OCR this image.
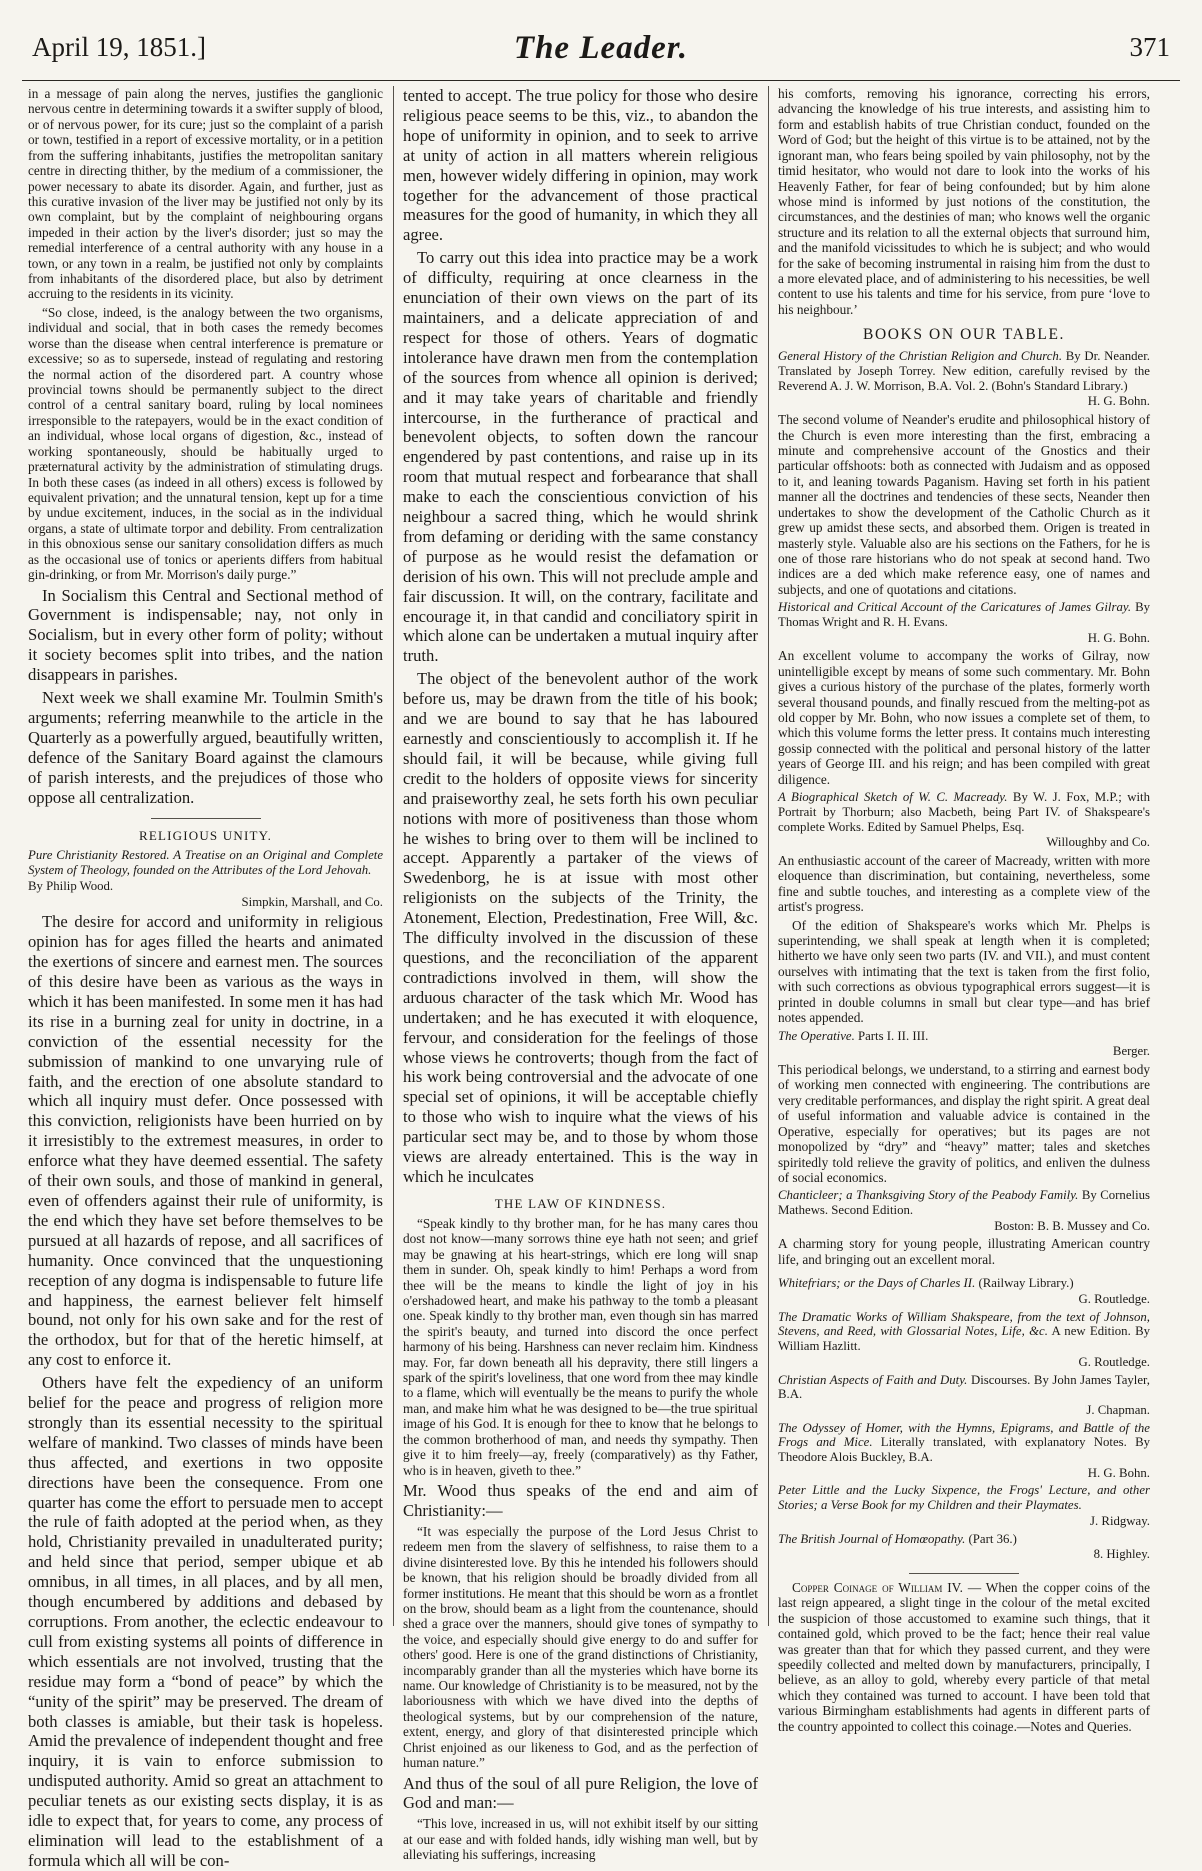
April 19, 1851.]	The Leader.	371

in a message of pain along the nerves, justifies the ganglionic nervous centre in determining towards it a swifter supply of blood, or of nervous power, for its cure; just so the complaint of a parish or town, testified in a report of excessive mortality, or in a petition from the suffering inhabitants, justifies the metropolitan sanitary centre in directing thither, by the medium of a commissioner, the power necessary to abate its disorder. Again, and further, just as this curative invasion of the liver may be justified not only by its own complaint, but by the complaint of neighbouring organs impeded in their action by the liver's disorder; just so may the remedial interference of a central authority with any house in a town, or any town in a realm, be justified not only by complaints from inhabitants of the disordered place, but also by detriment accruing to the residents in its vicinity.

“So close, indeed, is the analogy between the two organisms, individual and social, that in both cases the remedy becomes worse than the disease when central interference is premature or excessive; so as to supersede, instead of regulating and restoring the normal action of the disordered part. A country whose provincial towns should be permanently subject to the direct control of a central sanitary board, ruling by local nominees irresponsible to the ratepayers, would be in the exact condition of an individual, whose local organs of digestion, &c., instead of working spontaneously, should be habitually urged to præternatural activity by the administration of stimulating drugs. In both these cases (as indeed in all others) excess is followed by equivalent privation; and the unnatural tension, kept up for a time by undue excitement, induces, in the social as in the individual organs, a state of ultimate torpor and debility. From centralization in this obnoxious sense our sanitary consolidation differs as much as the occasional use of tonics or aperients differs from habitual gin-drinking, or from Mr. Morrison's daily purge.”

In Socialism this Central and Sectional method of Government is indispensable; nay, not only in Socialism, but in every other form of polity; without it society becomes split into tribes, and the nation disappears in parishes.

Next week we shall examine Mr. Toulmin Smith's arguments; referring meanwhile to the article in the Quarterly as a powerfully argued, beautifully written, defence of the Sanitary Board against the clamours of parish interests, and the prejudices of those who oppose all centralization.

RELIGIOUS UNITY.

Pure Christianity Restored. A Treatise on an Original and Complete System of Theology, founded on the Attributes of the Lord Jehovah.

By Philip Wood.

Simpkin, Marshall, and Co.

The desire for accord and uniformity in religious opinion has for ages filled the hearts and animated the exertions of sincere and earnest men. The sources of this desire have been as various as the ways in which it has been manifested. In some men it has had its rise in a burning zeal for unity in doctrine, in a conviction of the essential necessity for the submission of mankind to one unvarying rule of faith, and the erection of one absolute standard to which all inquiry must defer. Once possessed with this conviction, religionists have been hurried on by it irresistibly to the extremest measures, in order to enforce what they have deemed essential. The safety of their own souls, and those of mankind in general, even of offenders against their rule of uniformity, is the end which they have set before themselves to be pursued at all hazards of repose, and all sacrifices of humanity. Once convinced that the unquestioning reception of any dogma is indispensable to future life and happiness, the earnest believer felt himself bound, not only for his own sake and for the rest of the orthodox, but for that of the heretic himself, at any cost to enforce it.

Others have felt the expediency of an uniform belief for the peace and progress of religion more strongly than its essential necessity to the spiritual welfare of mankind. Two classes of minds have been thus affected, and exertions in two opposite directions have been the consequence. From one quarter has come the effort to persuade men to accept the rule of faith adopted at the period when, as they hold, Christianity prevailed in unadulterated purity; and held since that period, semper ubique et ab omnibus, in all times, in all places, and by all men, though encumbered by additions and debased by corruptions. From another, the eclectic endeavour to cull from existing systems all points of difference in which essentials are not involved, trusting that the residue may form a “bond of peace” by which the “unity of the spirit” may be preserved. The dream of both classes is amiable, but their task is hopeless. Amid the prevalence of independent thought and free inquiry, it is vain to enforce submission to undisputed authority. Amid so great an attachment to peculiar tenets as our existing sects display, it is as idle to expect that, for years to come, any process of elimination will lead to the establishment of a formula which all will be con-

tented to accept. The true policy for those who desire religious peace seems to be this, viz., to abandon the hope of uniformity in opinion, and to seek to arrive at unity of action in all matters wherein religious men, however widely differing in opinion, may work together for the advancement of those practical measures for the good of humanity, in which they all agree.

To carry out this idea into practice may be a work of difficulty, requiring at once clearness in the enunciation of their own views on the part of its maintainers, and a delicate appreciation of and respect for those of others. Years of dogmatic intolerance have drawn men from the contemplation of the sources from whence all opinion is derived; and it may take years of charitable and friendly intercourse, in the furtherance of practical and benevolent objects, to soften down the rancour engendered by past contentions, and raise up in its room that mutual respect and forbearance that shall make to each the conscientious conviction of his neighbour a sacred thing, which he would shrink from defaming or deriding with the same constancy of purpose as he would resist the defamation or derision of his own. This will not preclude ample and fair discussion. It will, on the contrary, facilitate and encourage it, in that candid and conciliatory spirit in which alone can be undertaken a mutual inquiry after truth.

The object of the benevolent author of the work before us, may be drawn from the title of his book; and we are bound to say that he has laboured earnestly and conscientiously to accomplish it. If he should fail, it will be because, while giving full credit to the holders of opposite views for sincerity and praiseworthy zeal, he sets forth his own peculiar notions with more of positiveness than those whom he wishes to bring over to them will be inclined to accept. Apparently a partaker of the views of Swedenborg, he is at issue with most other religionists on the subjects of the Trinity, the Atonement, Election, Predestination, Free Will, &c. The difficulty involved in the discussion of these questions, and the reconciliation of the apparent contradictions involved in them, will show the arduous character of the task which Mr. Wood has undertaken; and he has executed it with eloquence, fervour, and consideration for the feelings of those whose views he controverts; though from the fact of his work being controversial and the advocate of one special set of opinions, it will be acceptable chiefly to those who wish to inquire what the views of his particular sect may be, and to those by whom those views are already entertained. This is the way in which he inculcates

THE LAW OF KINDNESS.

“Speak kindly to thy brother man, for he has many cares thou dost not know—many sorrows thine eye hath not seen; and grief may be gnawing at his heart-strings, which ere long will snap them in sunder. Oh, speak kindly to him! Perhaps a word from thee will be the means to kindle the light of joy in his o'ershadowed heart, and make his pathway to the tomb a pleasant one. Speak kindly to thy brother man, even though sin has marred the spirit's beauty, and turned into discord the once perfect harmony of his being. Harshness can never reclaim him. Kindness may. For, far down beneath all his depravity, there still lingers a spark of the spirit's loveliness, that one word from thee may kindle to a flame, which will eventually be the means to purify the whole man, and make him what he was designed to be—the true spiritual image of his God. It is enough for thee to know that he belongs to the common brotherhood of man, and needs thy sympathy. Then give it to him freely—ay, freely (comparatively) as thy Father, who is in heaven, giveth to thee.”

Mr. Wood thus speaks of the end and aim of Christianity:—

“It was especially the purpose of the Lord Jesus Christ to redeem men from the slavery of selfishness, to raise them to a divine disinterested love. By this he intended his followers should be known, that his religion should be broadly divided from all former institutions. He meant that this should be worn as a frontlet on the brow, should beam as a light from the countenance, should shed a grace over the manners, should give tones of sympathy to the voice, and especially should give energy to do and suffer for others' good. Here is one of the grand distinctions of Christianity, incomparably grander than all the mysteries which have borne its name. Our knowledge of Christianity is to be measured, not by the laboriousness with which we have dived into the depths of theological systems, but by our comprehension of the nature, extent, energy, and glory of that disinterested principle which Christ enjoined as our likeness to God, and as the perfection of human nature.”

And thus of the soul of all pure Religion, the love of God and man:—

“This love, increased in us, will not exhibit itself by our sitting at our ease and with folded hands, idly wishing man well, but by alleviating his sufferings, increasing

his comforts, removing his ignorance, correcting his errors, advancing the knowledge of his true interests, and assisting him to form and establish habits of true Christian conduct, founded on the Word of God; but the height of this virtue is to be attained, not by the ignorant man, who fears being spoiled by vain philosophy, not by the timid hesitator, who would not dare to look into the works of his Heavenly Father, for fear of being confounded; but by him alone whose mind is informed by just notions of the constitution, the circumstances, and the destinies of man; who knows well the organic structure and its relation to all the external objects that surround him, and the manifold vicissitudes to which he is subject; and who would for the sake of becoming instrumental in raising him from the dust to a more elevated place, and of administering to his necessities, be well content to use his talents and time for his service, from pure ‘love to his neighbour.’

BOOKS ON OUR TABLE.

General History of the Christian Religion and Church. By Dr. Neander. Translated by Joseph Torrey. New edition, carefully revised by the Reverend A. J. W. Morrison, B.A. Vol. 2. (Bohn's Standard Library.)

H. G. Bohn.

The second volume of Neander's erudite and philosophical history of the Church is even more interesting than the first, embracing a minute and comprehensive account of the Gnostics and their particular offshoots: both as connected with Judaism and as opposed to it, and leaning towards Paganism. Having set forth in his patient manner all the doctrines and tendencies of these sects, Neander then undertakes to show the development of the Catholic Church as it grew up amidst these sects, and absorbed them. Origen is treated in masterly style. Valuable also are his sections on the Fathers, for he is one of those rare historians who do not speak at second hand. Two indices are a ded which make reference easy, one of names and subjects, and one of quotations and citations.

Historical and Critical Account of the Caricatures of James Gilray. By Thomas Wright and R. H. Evans.

H. G. Bohn.

An excellent volume to accompany the works of Gilray, now unintelligible except by means of some such commentary. Mr. Bohn gives a curious history of the purchase of the plates, formerly worth several thousand pounds, and finally rescued from the melting-pot as old copper by Mr. Bohn, who now issues a complete set of them, to which this volume forms the letter press. It contains much interesting gossip connected with the political and personal history of the latter years of George III. and his reign; and has been compiled with great diligence.

A Biographical Sketch of W. C. Macready. By W. J. Fox, M.P.; with Portrait by Thorburn; also Macbeth, being Part IV. of Shakspeare's complete Works. Edited by Samuel Phelps, Esq.

Willoughby and Co.

An enthusiastic account of the career of Macready, written with more eloquence than discrimination, but containing, nevertheless, some fine and subtle touches, and interesting as a complete view of the artist's progress.

Of the edition of Shakspeare's works which Mr. Phelps is superintending, we shall speak at length when it is completed; hitherto we have only seen two parts (IV. and VII.), and must content ourselves with intimating that the text is taken from the first folio, with such corrections as obvious typographical errors suggest—it is printed in double columns in small but clear type—and has brief notes appended.

The Operative. Parts I. II. III.

Berger.

This periodical belongs, we understand, to a stirring and earnest body of working men connected with engineering. The contributions are very creditable performances, and display the right spirit. A great deal of useful information and valuable advice is contained in the Operative, especially for operatives; but its pages are not monopolized by “dry” and “heavy” matter; tales and sketches spiritedly told relieve the gravity of politics, and enliven the dulness of social economics.

Chanticleer; a Thanksgiving Story of the Peabody Family. By Cornelius Mathews. Second Edition.

Boston: B. B. Mussey and Co.

A charming story for young people, illustrating American country life, and bringing out an excellent moral.

Whitefriars; or the Days of Charles II. (Railway Library.)

G. Routledge.

The Dramatic Works of William Shakspeare, from the text of Johnson, Stevens, and Reed, with Glossarial Notes, Life, &c. A new Edition. By William Hazlitt.

G. Routledge.

Christian Aspects of Faith and Duty. Discourses. By John James Tayler, B.A.

J. Chapman.

The Odyssey of Homer, with the Hymns, Epigrams, and Battle of the Frogs and Mice. Literally translated, with explanatory Notes. By Theodore Alois Buckley, B.A.

H. G. Bohn.

Peter Little and the Lucky Sixpence, the Frogs' Lecture, and other Stories; a Verse Book for my Children and their Playmates.

J. Ridgway.

The British Journal of Homœopathy. (Part 36.)

8. Highley.

Copper Coinage of William IV. — When the copper coins of the last reign appeared, a slight tinge in the colour of the metal excited the suspicion of those accustomed to examine such things, that it contained gold, which proved to be the fact; hence their real value was greater than that for which they passed current, and they were speedily collected and melted down by manufacturers, principally, I believe, as an alloy to gold, whereby every particle of that metal which they contained was turned to account. I have been told that various Birmingham establishments had agents in different parts of the country appointed to collect this coinage.—Notes and Queries.
